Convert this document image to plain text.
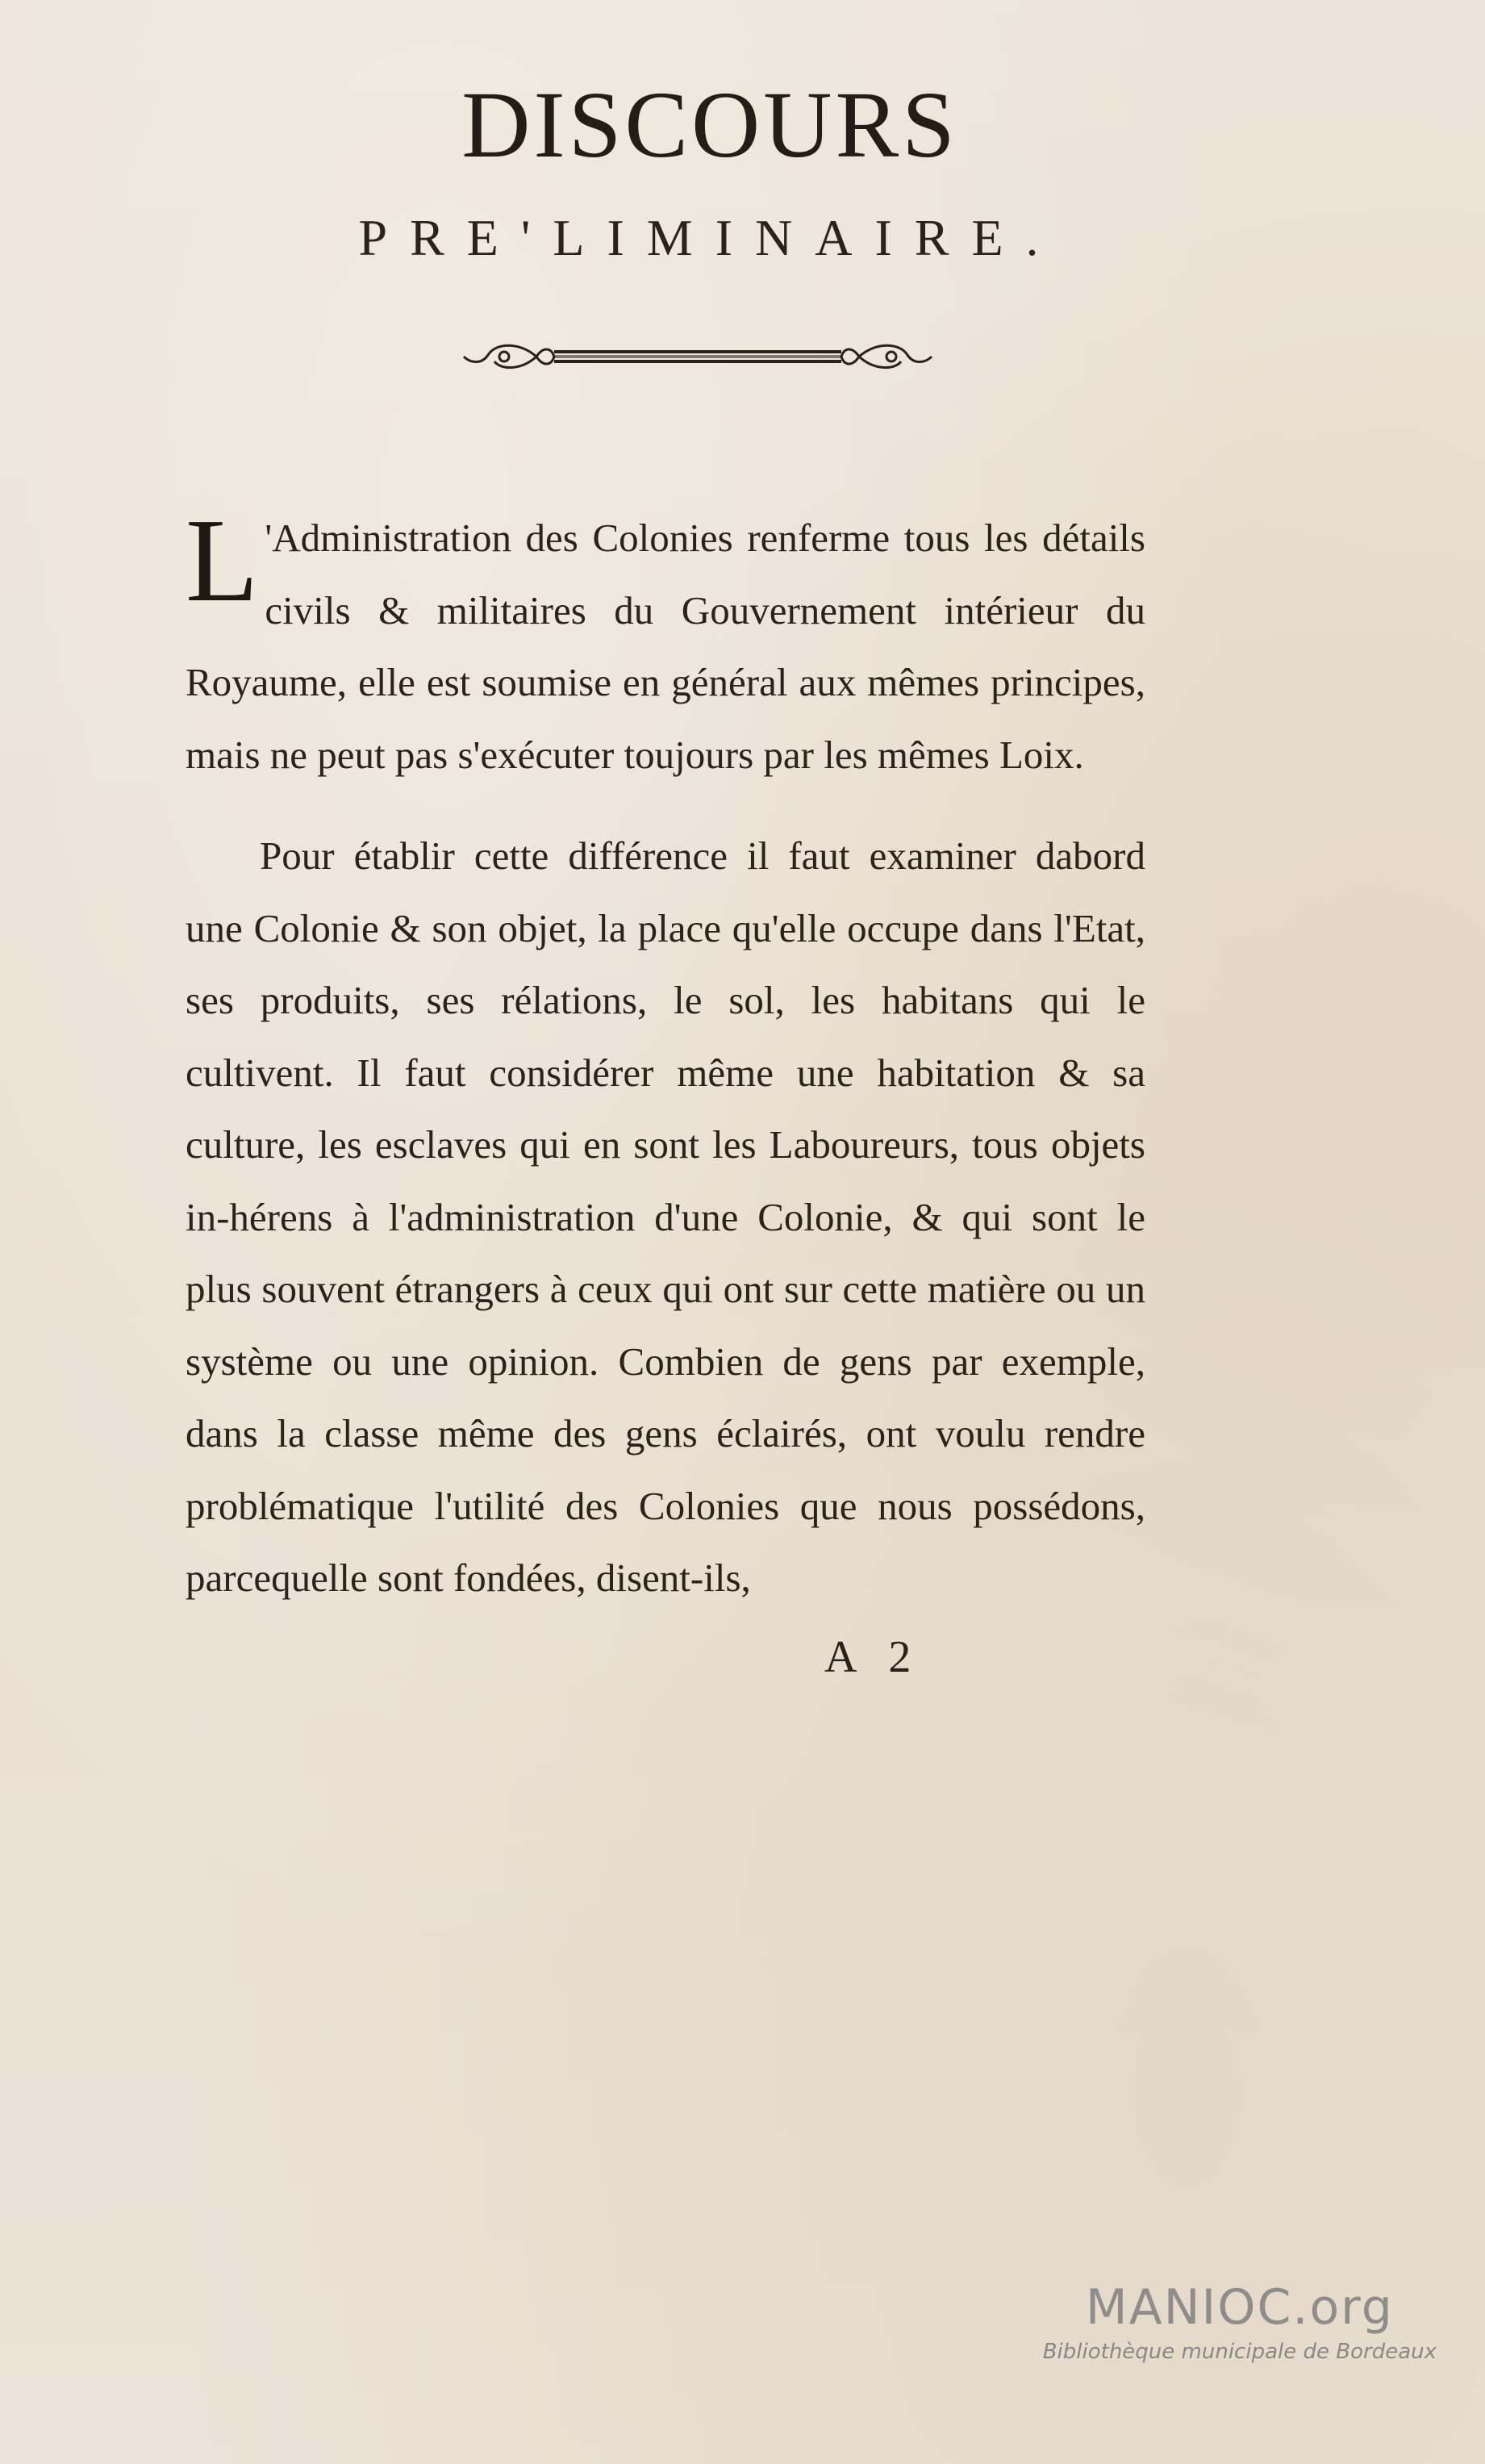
DISCOURS
PRE'LIMINAIRE.

L 'Administration des Colonies renferme tous les détails civils & militaires du Gouvernement intérieur du Royaume, elle est soumise en général aux mêmes principes, mais ne peut pas s'exécuter toujours par les mêmes Loix.

Pour établir cette différence il faut examiner dabord une Colonie & son objet, la place qu'elle occupe dans l'Etat, ses produits, ses rélations, le sol, les habitans qui le cultivent. Il faut considérer même une habitation & sa culture, les esclaves qui en sont les Laboureurs, tous objets in-hérens à l'administration d'une Colonie, & qui sont le plus souvent étrangers à ceux qui ont sur cette matière ou un système ou une opinion. Combien de gens par exemple, dans la classe même des gens éclairés, ont voulu rendre problématique l'utilité des Colonies que nous possédons, parcequelle sont fondées, disent-ils,

A 2
MANIOC.org
Bibliothèque municipale de Bordeaux
